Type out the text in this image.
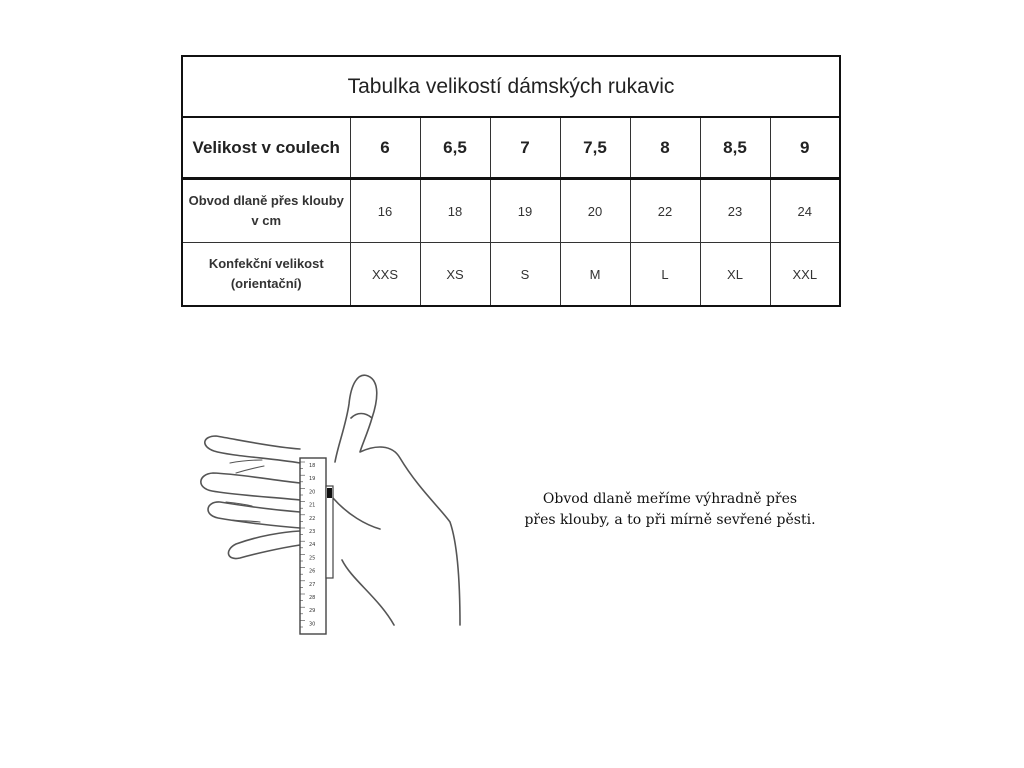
Tabulka velikostí dámských rukavic							
Velikost v coulech	6	6,5	7	7,5	8	8,5	9
Obvod dlaně přes klouby v cm	16	18	19	20	22	23	24
Konfekční velikost (orientační)	XXS	XS	S	M	L	XL	XXL
18
19
20
21
22
23
24
25
26
27
28
29
30
Obvod dlaně meříme výhradně přes
přes klouby, a to při mírně sevřené pěsti.
